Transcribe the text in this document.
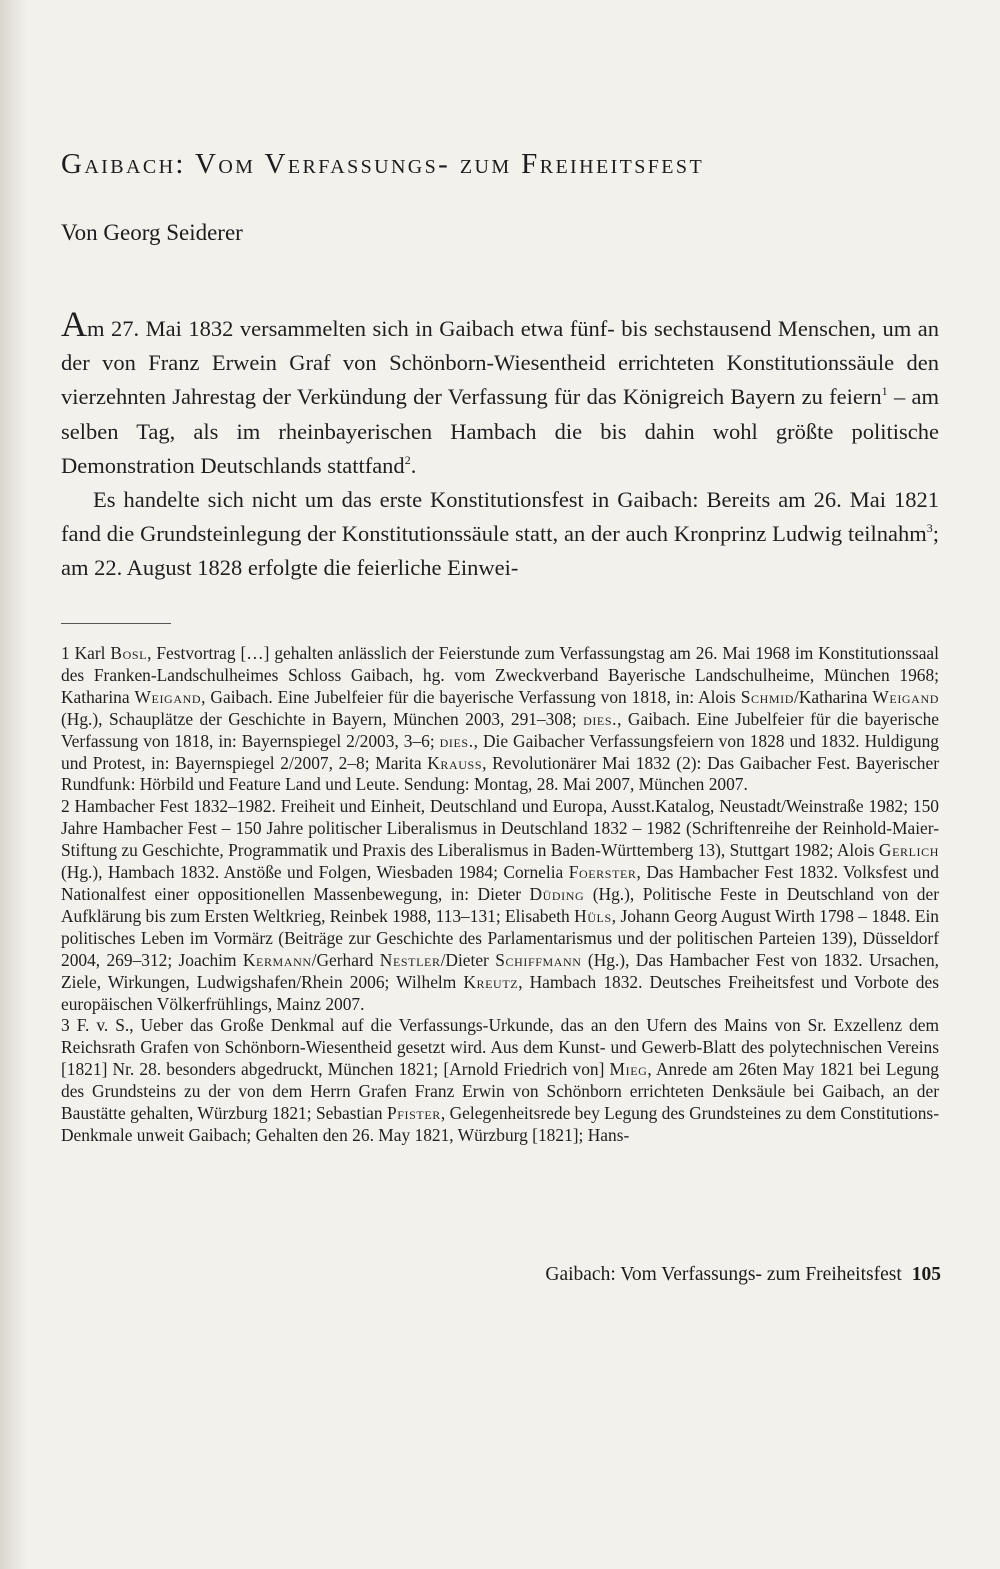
Gaibach: Vom Verfassungs- zum Freiheitsfest
Von Georg Seiderer

Am 27. Mai 1832 versammelten sich in Gaibach etwa fünf- bis sechstausend Menschen, um an der von Franz Erwein Graf von Schönborn-Wiesentheid errichteten Konstitutionssäule den vierzehnten Jahrestag der Verkündung der Verfassung für das Königreich Bayern zu feiern$^1$ – am selben Tag, als im rheinbayerischen Hambach die bis dahin wohl größte politische Demonstration Deutschlands stattfand$^2$.

Es handelte sich nicht um das erste Konstitutionsfest in Gaibach: Bereits am 26. Mai 1821 fand die Grundsteinlegung der Konstitutionssäule statt, an der auch Kronprinz Ludwig teilnahm$^3$; am 22. August 1828 erfolgte die feierliche Einwei-

1 Karl Bosl, Festvortrag […] gehalten anlässlich der Feierstunde zum Verfassungstag am 26. Mai 1968 im Konstitutionssaal des Franken-Landschulheimes Schloss Gaibach, hg. vom Zweckverband Bayerische Landschulheime, München 1968; Katharina Weigand, Gaibach. Eine Jubelfeier für die bayerische Verfassung von 1818, in: Alois Schmid/Katharina Weigand (Hg.), Schauplätze der Geschichte in Bayern, München 2003, 291–308; dies., Gaibach. Eine Jubelfeier für die bayerische Verfassung von 1818, in: Bayernspiegel 2/2003, 3–6; dies., Die Gaibacher Verfassungsfeiern von 1828 und 1832. Huldigung und Protest, in: Bayernspiegel 2/2007, 2–8; Marita Krauss, Revolutionärer Mai 1832 (2): Das Gaibacher Fest. Bayerischer Rundfunk: Hörbild und Feature Land und Leute. Sendung: Montag, 28. Mai 2007, München 2007.

2 Hambacher Fest 1832–1982. Freiheit und Einheit, Deutschland und Europa, Ausst.Katalog, Neustadt/Weinstraße 1982; 150 Jahre Hambacher Fest – 150 Jahre politischer Liberalismus in Deutschland 1832 – 1982 (Schriftenreihe der Reinhold-Maier-Stiftung zu Geschichte, Programmatik und Praxis des Liberalismus in Baden-Württemberg 13), Stuttgart 1982; Alois Gerlich (Hg.), Hambach 1832. Anstöße und Folgen, Wiesbaden 1984; Cornelia Foerster, Das Hambacher Fest 1832. Volksfest und Nationalfest einer oppositionellen Massenbewegung, in: Dieter Düding (Hg.), Politische Feste in Deutschland von der Aufklärung bis zum Ersten Weltkrieg, Reinbek 1988, 113–131; Elisabeth Hüls, Johann Georg August Wirth 1798 – 1848. Ein politisches Leben im Vormärz (Beiträge zur Geschichte des Parlamentarismus und der politischen Parteien 139), Düsseldorf 2004, 269–312; Joachim Kermann/Gerhard Nestler/Dieter Schiffmann (Hg.), Das Hambacher Fest von 1832. Ursachen, Ziele, Wirkungen, Ludwigshafen/Rhein 2006; Wilhelm Kreutz, Hambach 1832. Deutsches Freiheitsfest und Vorbote des europäischen Völkerfrühlings, Mainz 2007.

3 F. v. S., Ueber das Große Denkmal auf die Verfassungs-Urkunde, das an den Ufern des Mains von Sr. Exzellenz dem Reichsrath Grafen von Schönborn-Wiesentheid gesetzt wird. Aus dem Kunst- und Gewerb-Blatt des polytechnischen Vereins [1821] Nr. 28. besonders abgedruckt, München 1821; [Arnold Friedrich von] Mieg, Anrede am 26ten May 1821 bei Legung des Grundsteins zu der von dem Herrn Grafen Franz Erwin von Schönborn errichteten Denksäule bei Gaibach, an der Baustätte gehalten, Würzburg 1821; Sebastian Pfister, Gelegenheitsrede bey Legung des Grundsteines zu dem Constitutions-Denkmale unweit Gaibach; Gehalten den 26. May 1821, Würzburg [1821]; Hans-

Gaibach: Vom Verfassungs- zum Freiheitsfest 105
